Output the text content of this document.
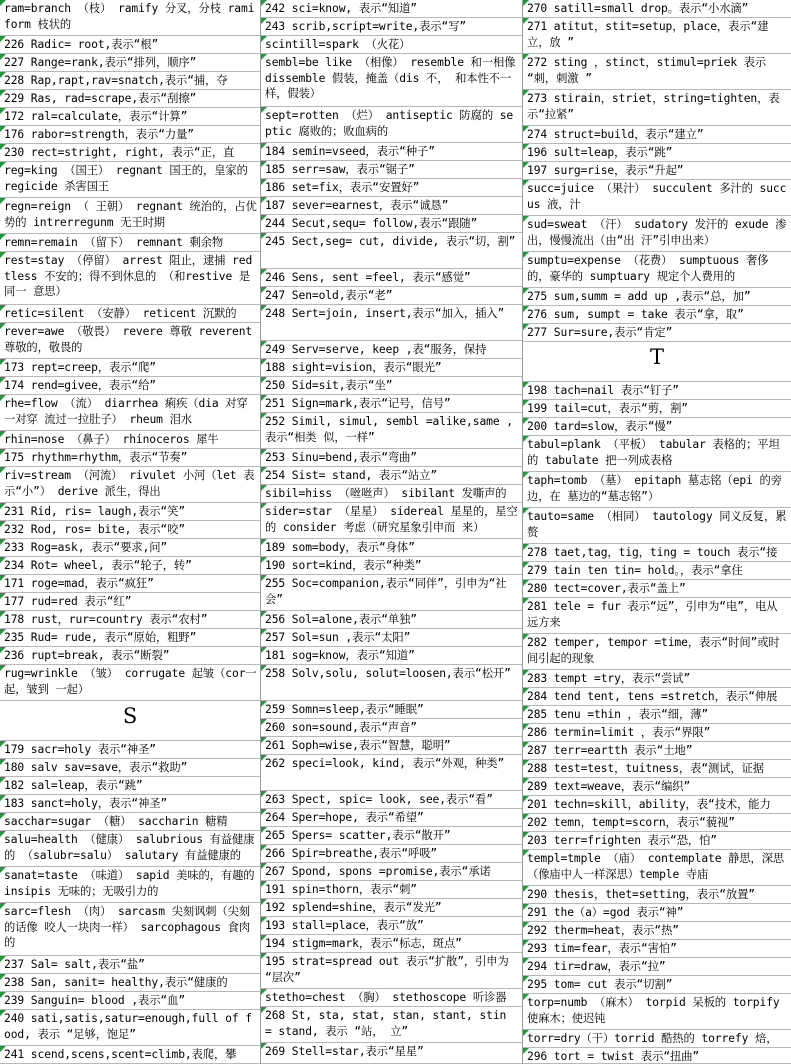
ram=branch （枝） ramify 分叉，分枝 ramiform 枝状的
226 Radic= root,表示“根”
227 Range=rank,表示“排列，顺序”
228 Rap,rapt,rav=snatch,表示“捕，夺
229 Ras, rad=scrape,表示“刮擦”
172 ral=calculate，表示“计算”
176 rabor=strength，表示“力量”
230 rect=stright, right, 表示“正，直
reg=king （国王） regnant 国王的，皇家的 regicide 杀害国王
regn=reign （ 王朝） regnant 统治的，占优势的 intrerregunm 无王时期
remn=remain （留下） remnant 剩余物
rest=stay （停留） arrest 阻止，逮捕 redtless 不安的；得不到休息的 （和restive 是同一 意思）
retic=silent （安静） reticent 沉默的
rever=awe （敬畏） revere 尊敬 reverent 尊敬的，敬畏的
173 rept=creep，表示“爬”
174 rend=givee，表示“给”
rhe=flow （流） diarrhea 痢疾（dia 对穿一对穿 流过一拉肚子） rheum 泪水
rhin=nose （鼻子） rhinoceros 犀牛
175 rhythm=rhythm，表示“节奏”
riv=stream （河流） rivulet 小河（let 表示“小”） derive 派生，得出
231 Rid, ris= laugh,表示“笑”
232 Rod, ros= bite, 表示“咬”
233 Rog=ask, 表示“要求,问”
234 Rot= wheel, 表示“轮子，转”
171 roge=mad，表示“疯狂”
177 rud=red 表示“红”
178 rust，rur=country 表示“农村”
235 Rud= rude, 表示“原始，粗野”
236 rupt=break, 表示“断裂”
rug=wrinkle （皱） corrugate 起皱（cor一起，皱到 一起）
S
179 sacr=holy 表示“神圣”
180 salv sav=save，表示“救助”
182 sal=leap，表示“跳”
183 sanct=holy，表示“神圣”
sacchar=sugar （糖） saccharin 糖精
salu=health （健康） salubrious 有益健康的 （salubr=salu） salutary 有益健康的
sanat=taste （味道） sapid 美味的，有趣的 insipis 无味的；无吸引力的
sarc=flesh （肉） sarcasm 尖刻讽刺（尖刻的话像 咬人一块肉一样） sarcophagous 食肉的
237 Sal= salt,表示“盐”
238 San, sanit= healthy,表示“健康的
239 Sanguin= blood ,表示“血”
240 sati,satis,satur=enough,full of food, 表示 “足够，饱足”
241 scend,scens,scent=climb,表爬，攀
242 sci=know, 表示“知道”
243 scrib,script=write,表示“写”
scintill=spark （火花）
sembl=be like （相像） resemble 和一相像 dissemble 假装，掩盖（dis 不， 和本性不一样，假装）
sept=rotten （烂） antiseptic 防腐的 septic 腐败的；败血病的
184 semin=vseed，表示“种子”
185 serr=saw，表示“锯子”
186 set=fix，表示“安置好”
187 sever=earnest，表示“诚恳”
244 Secut,sequ= follow,表示“跟随”
245 Sect,seg= cut, divide, 表示“切，割”
246 Sens, sent =feel, 表示“感觉”
247 Sen=old,表示“老”
248 Sert=join, insert,表示“加入，插入”
249 Serv=serve, keep ,表“服务，保持
188 sight=vision，表示“眼光”
250 Sid=sit,表示“坐”
251 Sign=mark,表示“记号，信号”
252 Simil, simul, sembl =alike,same ,表示“相类 似，一样”
253 Sinu=bend,表示“弯曲”
254 Sist= stand, 表示“站立”
sibil=hiss （咝咝声） sibilant 发嘶声的
sider=star （星星） sidereal 星星的，星空的 consider 考虑（研究星象引申而 来）
189 som=body，表示“身体”
190 sort=kind，表示“种类”
255 Soc=companion,表示“同伴”，引申为“社 会”
256 Sol=alone,表示“单独”
257 Sol=sun ,表示“太阳”
181 sog=know，表示“知道”
258 Solv,solu, solut=loosen,表示“松开”
259 Somn=sleep,表示“睡眠”
260 son=sound,表示“声音”
261 Soph=wise,表示“智慧，聪明”
262 speci=look, kind, 表示“外观，种类”
263 Spect, spic= look, see,表示“看”
264 Sper=hope, 表示“希望”
265 Spers= scatter,表示“散开”
266 Spir=breathe,表示“呼吸”
267 Spond, spons =promise,表示“承诺
191 spin=thorn，表示“刺”
192 splend=shine，表示“发光”
193 stall=place，表示“放”
194 stigm=mark，表示“标志，斑点”
195 strat=spread out 表示“扩散”，引申为 “层次”
stetho=chest （胸） stethoscope 听诊器
268 St, sta, stat, stan, stant, stin = stand, 表示 “站， 立”
269 Stell=star,表示“星星”
270 satill=small drop。表示“小水滴”
271 atitut，stit=setup，place，表示“建立，放 ”
272 sting ，stinct，stimul=priek 表示 “刺，刺激 ”
273 stirain，striet，string=tighten，表示“拉紧”
274 struct=build，表示“建立”
196 sult=leap，表示“跳”
197 surg=rise，表示“升起”
succ=juice （果汁） succulent 多汁的 succus 液，汁
sud=sweat （汗） sudatory 发汗的 exude 渗出，慢慢流出（由“出 汗”引申出来）
sumptu=expense （花费） sumptuous 奢侈的，豪华的 sumptuary 规定个人费用的
275 sum,summ = add up ,表示“总，加”
276 sum, sumpt = take 表示“拿，取”
277 Sur=sure,表示“肯定”
T
198 tach=nail 表示“钉子”
199 tail=cut，表示“剪，割”
200 tard=slow，表示“慢”
tabul=plank （平板） tabular 表格的；平坦的 tabulate 把一列成表格
taph=tomb （墓） epitaph 墓志铭（epi 的旁边，在 墓边的“墓志铭”）
tauto=same （相同） tautology 同义反复，累赘
278 taet,tag，tig，ting = touch 表示“接
279 tain ten tin= hold。，表示“拿住
280 tect=cover,表示“盖上”
281 tele = fur 表示“远”，引申为“电”，电从 远方来
282 temper, tempor =time，表示“时间”或时 间引起的现象
283 tempt =try，表示“尝试”
284 tend tent, tens =stretch，表示“伸展
285 tenu =thin ，表示“细，薄”
286 termin=limit ，表示“界限”
287 terr=eartth 表示“土地”
288 test=test，tuitness，表“测试，证据
289 text=weave，表示“编织”
201 techn=skill，ability，表“技术，能力
202 temn，tempt=scorn，表示“藐视”
203 terr=frighten 表示“恐，怕”
templ=tmple （庙） contemplate 静思，深思（像庙中人一样深思）temple 寺庙
290 thesis，thet=setting，表示“放置”
291 the（a）=god 表示“神”
292 therm=heat，表示“热”
293 tim=fear，表示“害怕”
294 tir=draw，表示“拉”
295 tom= cut 表示“切割”
torp=numb （麻木） torpid 呆板的 torpify 使麻木；使迟钝
torr=dry（干）torrid 酷热的 torrefy 焙，
296 tort = twist 表示“扭曲”
